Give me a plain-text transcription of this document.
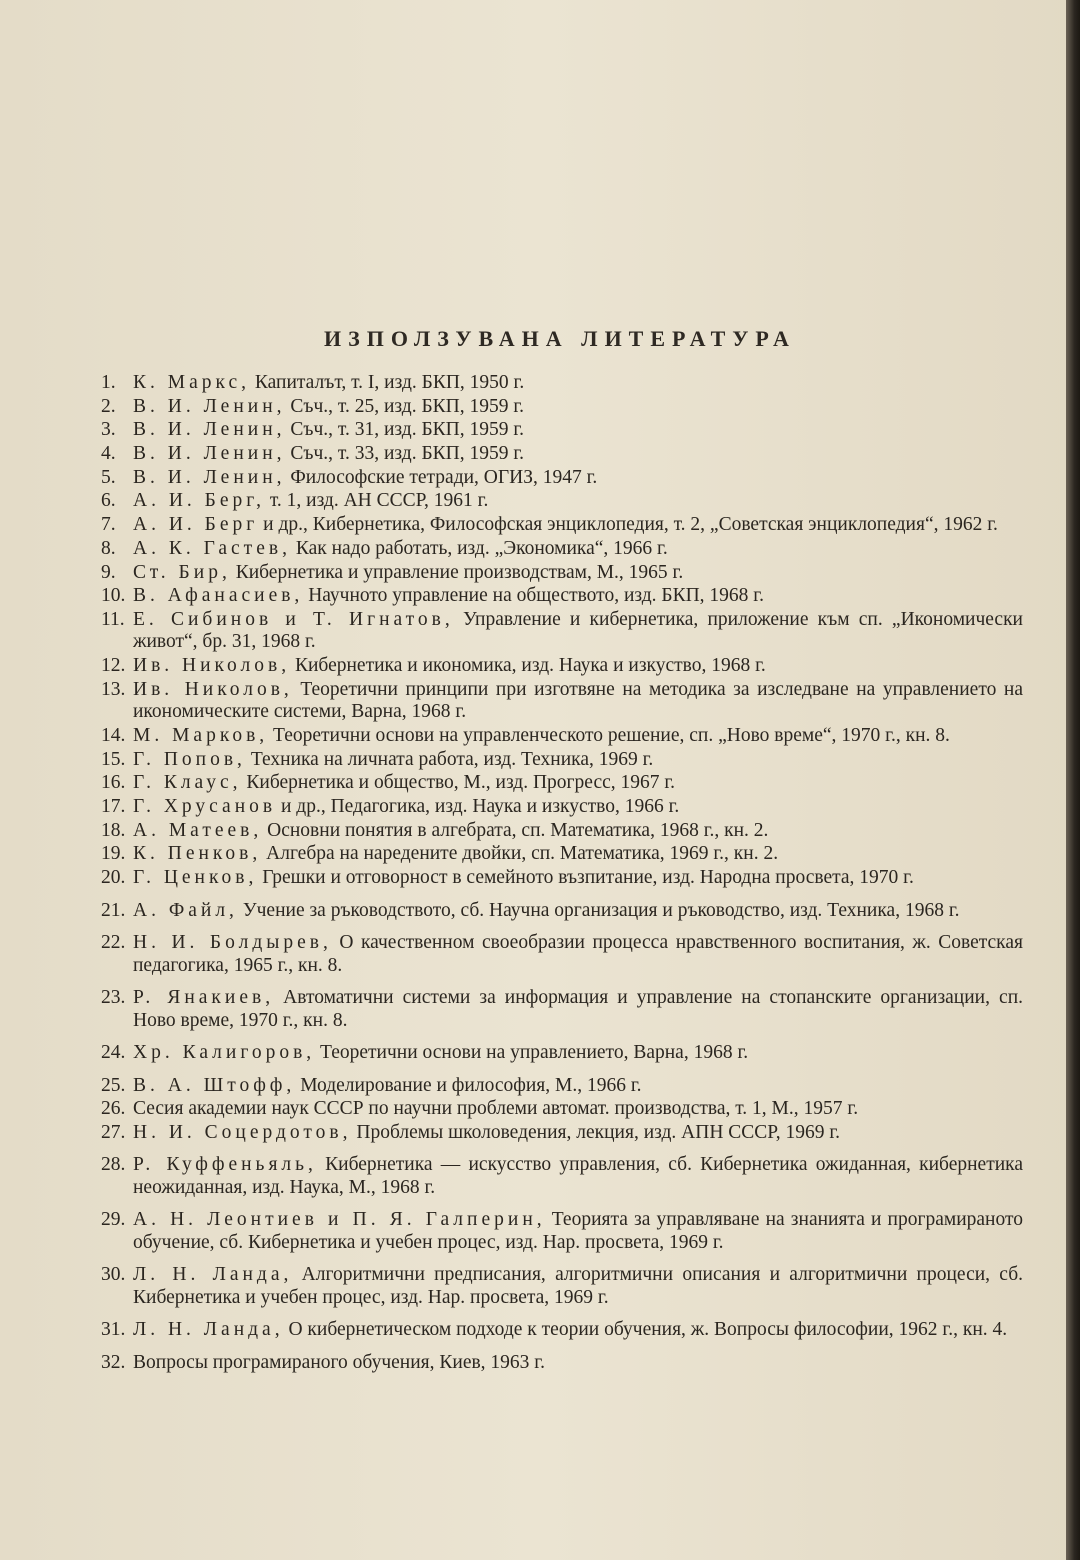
ИЗПОЛЗУВАНА ЛИТЕРАТУРА
1. К. Маркс, Капиталът, т. I, изд. БКП, 1950 г.
2. В. И. Ленин, Съч., т. 25, изд. БКП, 1959 г.
3. В. И. Ленин, Съч., т. 31, изд. БКП, 1959 г.
4. В. И. Ленин, Съч., т. 33, изд. БКП, 1959 г.
5. В. И. Ленин, Философские тетради, ОГИЗ, 1947 г.
6. А. И. Берг, т. 1, изд. АН СССР, 1961 г.
7. А. И. Берг и др., Кибернетика, Философская энциклопедия, т. 2, „Советская энциклопедия“, 1962 г.
8. А. К. Гастев, Как надо работать, изд. „Экономика“, 1966 г.
9. Ст. Бир, Кибернетика и управление производствам, М., 1965 г.
10. В. Афанасиев, Научното управление на обществото, изд. БКП, 1968 г.
11. Е. Сибинов и Т. Игнатов, Управление и кибернетика, приложение към сп. „Икономически живот“, бр. 31, 1968 г.
12. Ив. Николов, Кибернетика и икономика, изд. Наука и изкуство, 1968 г.
13. Ив. Николов, Теоретични принципи при изготвяне на методика за изследване на управлението на икономическите системи, Варна, 1968 г.
14. М. Марков, Теоретични основи на управленческото решение, сп. „Ново време“, 1970 г., кн. 8.
15. Г. Попов, Техника на личната работа, изд. Техника, 1969 г.
16. Г. Клаус, Кибернетика и общество, М., изд. Прогресс, 1967 г.
17. Г. Хрусанов и др., Педагогика, изд. Наука и изкуство, 1966 г.
18. А. Матеев, Основни понятия в алгебрата, сп. Математика, 1968 г., кн. 2.
19. К. Пенков, Алгебра на наредените двойки, сп. Математика, 1969 г., кн. 2.
20. Г. Ценков, Грешки и отговорност в семейното възпитание, изд. Народна просвета, 1970 г.
21. А. Файл, Учение за ръководството, сб. Научна организация и ръководство, изд. Техника, 1968 г.
22. Н. И. Болдырев, О качественном своеобразии процесса нравственного воспитания, ж. Советская педагогика, 1965 г., кн. 8.
23. Р. Янакиев, Автоматични системи за информация и управление на стопанските организации, сп. Ново време, 1970 г., кн. 8.
24. Хр. Калигоров, Теоретични основи на управлението, Варна, 1968 г.
25. В. А. Штофф, Моделирование и философия, М., 1966 г.
26. Сесия академии наук СССР по научни проблеми автомат. производства, т. 1, М., 1957 г.
27. Н. И. Соцердотов, Проблемы школоведения, лекция, изд. АПН СССР, 1969 г.
28. Р. Куффеньяль, Кибернетика — искусство управления, сб. Кибернетика ожиданная, кибернетика неожиданная, изд. Наука, М., 1968 г.
29. А. Н. Леонтиев и П. Я. Галперин, Теорията за управляване на знанията и програмираното обучение, сб. Кибернетика и учебен процес, изд. Нар. просвета, 1969 г.
30. Л. Н. Ланда, Алгоритмични предписания, алгоритмични описания и алгоритмични процеси, сб. Кибернетика и учебен процес, изд. Нар. просвета, 1969 г.
31. Л. Н. Ланда, О кибернетическом подходе к теории обучения, ж. Вопросы философии, 1962 г., кн. 4.
32. Вопросы програмираного обучения, Киев, 1963 г.
